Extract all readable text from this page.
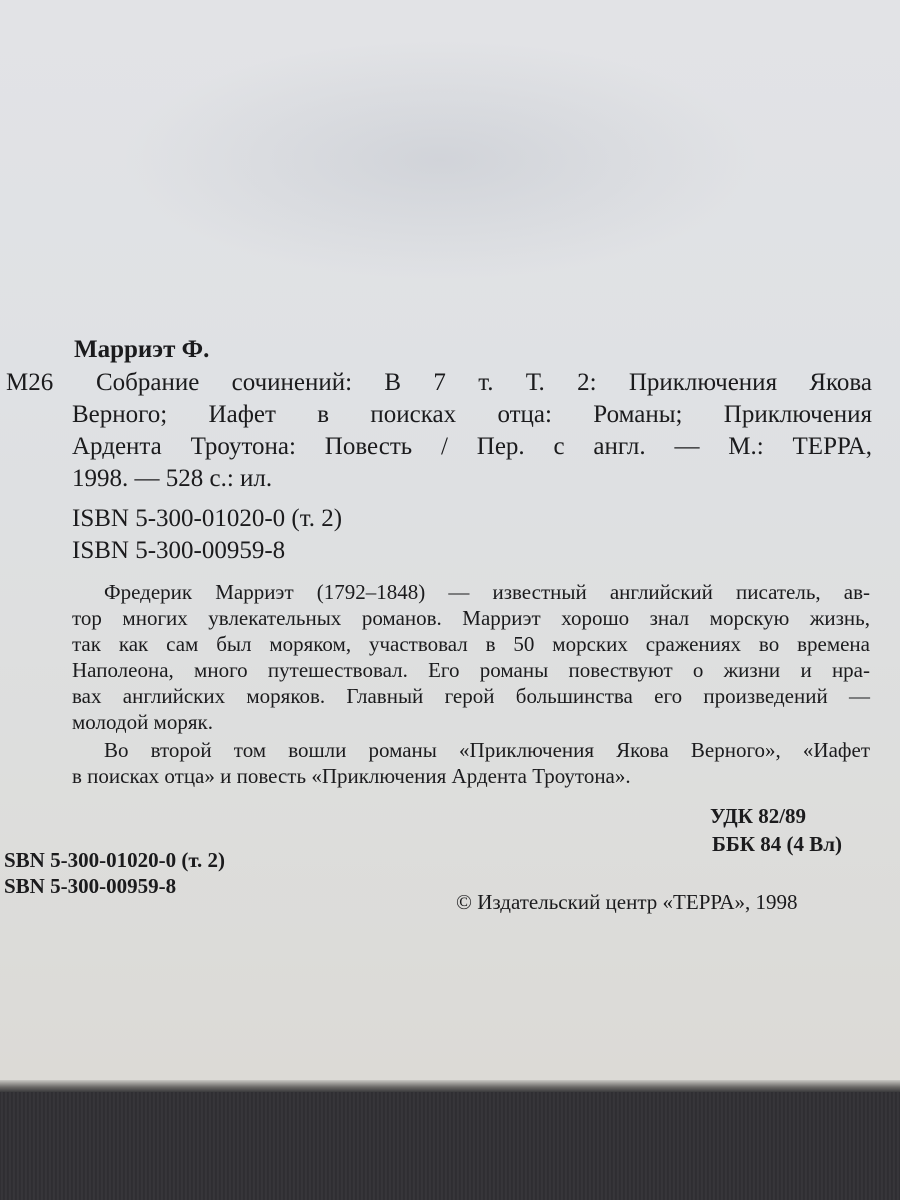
Марриэт Ф.
М26 Собрание сочинений: В 7 т. Т. 2: Приключения Якова
Верного; Иафет в поисках отца: Романы; Приключения
Ардента Троутона: Повесть / Пер. с англ. — М.: ТЕРРА,
1998. — 528 с.: ил.
ISBN 5-300-01020-0 (т. 2)
ISBN 5-300-00959-8
Фредерик Марриэт (1792–1848) — известный английский писатель, ав-
тор многих увлекательных романов. Марриэт хорошо знал морскую жизнь,
так как сам был моряком, участвовал в 50 морских сражениях во времена
Наполеона, много путешествовал. Его романы повествуют о жизни и нра-
вах английских моряков. Главный герой большинства его произведений —
молодой моряк.
Во второй том вошли романы «Приключения Якова Верного», «Иафет
в поисках отца» и повесть «Приключения Ардента Троутона».
УДК 82/89
ББК 84 (4 Вл)
SBN 5-300-01020-0 (т. 2)
SBN 5-300-00959-8
© Издательский центр «ТЕРРА», 1998
